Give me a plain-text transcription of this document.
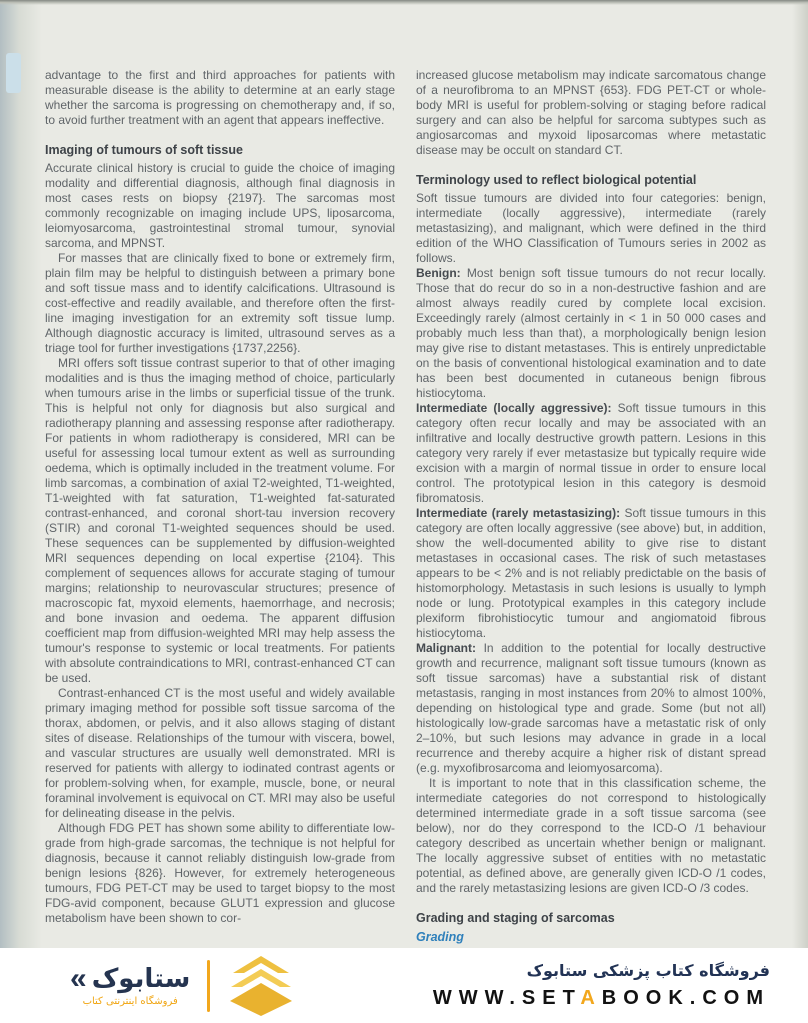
advantage to the first and third approaches for patients with measurable disease is the ability to determine at an early stage whether the sarcoma is progressing on chemotherapy and, if so, to avoid further treatment with an agent that appears ineffective.

Imaging of tumours of soft tissue

Accurate clinical history is crucial to guide the choice of imaging modality and differential diagnosis, although final diagnosis in most cases rests on biopsy {2197}. The sarcomas most commonly recognizable on imaging include UPS, liposarcoma, leiomyosarcoma, gastrointestinal stromal tumour, synovial sarcoma, and MPNST.

For masses that are clinically fixed to bone or extremely firm, plain film may be helpful to distinguish between a primary bone and soft tissue mass and to identify calcifications. Ultrasound is cost-effective and readily available, and therefore often the first-line imaging investigation for an extremity soft tissue lump. Although diagnostic accuracy is limited, ultrasound serves as a triage tool for further investigations {1737,2256}.

MRI offers soft tissue contrast superior to that of other imaging modalities and is thus the imaging method of choice, particularly when tumours arise in the limbs or superficial tissue of the trunk. This is helpful not only for diagnosis but also surgical and radiotherapy planning and assessing response after radiotherapy. For patients in whom radiotherapy is considered, MRI can be useful for assessing local tumour extent as well as surrounding oedema, which is optimally included in the treatment volume. For limb sarcomas, a combination of axial T2-weighted, T1-weighted, T1-weighted with fat saturation, T1-weighted fat-saturated contrast-enhanced, and coronal short-tau inversion recovery (STIR) and coronal T1-weighted sequences should be used. These sequences can be supplemented by diffusion-weighted MRI sequences depending on local expertise {2104}. This complement of sequences allows for accurate staging of tumour margins; relationship to neurovascular structures; presence of macroscopic fat, myxoid elements, haemorrhage, and necrosis; and bone invasion and oedema. The apparent diffusion coefficient map from diffusion-weighted MRI may help assess the tumour's response to systemic or local treatments. For patients with absolute contraindications to MRI, contrast-enhanced CT can be used.

Contrast-enhanced CT is the most useful and widely available primary imaging method for possible soft tissue sarcoma of the thorax, abdomen, or pelvis, and it also allows staging of distant sites of disease. Relationships of the tumour with viscera, bowel, and vascular structures are usually well demonstrated. MRI is reserved for patients with allergy to iodinated contrast agents or for problem-solving when, for example, muscle, bone, or neural foraminal involvement is equivocal on CT. MRI may also be useful for delineating disease in the pelvis.

Although FDG PET has shown some ability to differentiate low-grade from high-grade sarcomas, the technique is not helpful for diagnosis, because it cannot reliably distinguish low-grade from benign lesions {826}. However, for extremely heterogeneous tumours, FDG PET-CT may be used to target biopsy to the most FDG-avid component, because GLUT1 expression and glucose metabolism have been shown to cor-

increased glucose metabolism may indicate sarcomatous change of a neurofibroma to an MPNST {653}. FDG PET-CT or whole-body MRI is useful for problem-solving or staging before radical surgery and can also be helpful for sarcoma subtypes such as angiosarcomas and myxoid liposarcomas where metastatic disease may be occult on standard CT.

Terminology used to reflect biological potential

Soft tissue tumours are divided into four categories: benign, intermediate (locally aggressive), intermediate (rarely metastasizing), and malignant, which were defined in the third edition of the WHO Classification of Tumours series in 2002 as follows.

Benign: Most benign soft tissue tumours do not recur locally. Those that do recur do so in a non-destructive fashion and are almost always readily cured by complete local excision. Exceedingly rarely (almost certainly in < 1 in 50 000 cases and probably much less than that), a morphologically benign lesion may give rise to distant metastases. This is entirely unpredictable on the basis of conventional histological examination and to date has been best documented in cutaneous benign fibrous histiocytoma.

Intermediate (locally aggressive): Soft tissue tumours in this category often recur locally and may be associated with an infiltrative and locally destructive growth pattern. Lesions in this category very rarely if ever metastasize but typically require wide excision with a margin of normal tissue in order to ensure local control. The prototypical lesion in this category is desmoid fibromatosis.

Intermediate (rarely metastasizing): Soft tissue tumours in this category are often locally aggressive (see above) but, in addition, show the well-documented ability to give rise to distant metastases in occasional cases. The risk of such metastases appears to be < 2% and is not reliably predictable on the basis of histomorphology. Metastasis in such lesions is usually to lymph node or lung. Prototypical examples in this category include plexiform fibrohistiocytic tumour and angiomatoid fibrous histiocytoma.

Malignant: In addition to the potential for locally destructive growth and recurrence, malignant soft tissue tumours (known as soft tissue sarcomas) have a substantial risk of distant metastasis, ranging in most instances from 20% to almost 100%, depending on histological type and grade. Some (but not all) histologically low-grade sarcomas have a metastatic risk of only 2–10%, but such lesions may advance in grade in a local recurrence and thereby acquire a higher risk of distant spread (e.g. myxofibrosarcoma and leiomyosarcoma).

It is important to note that in this classification scheme, the intermediate categories do not correspond to histologically determined intermediate grade in a soft tissue sarcoma (see below), nor do they correspond to the ICD-O /1 behaviour category described as uncertain whether benign or malignant. The locally aggressive subset of entities with no metastatic potential, as defined above, are generally given ICD-O /1 codes, and the rarely metastasizing lesions are given ICD-O /3 codes.

Grading and staging of sarcomas
Grading

« ستابوک
فروشگاه اینترنتی کتاب
فروشگاه کتاب پزشکی ستابوک
WWW.SETABOOK.COM
